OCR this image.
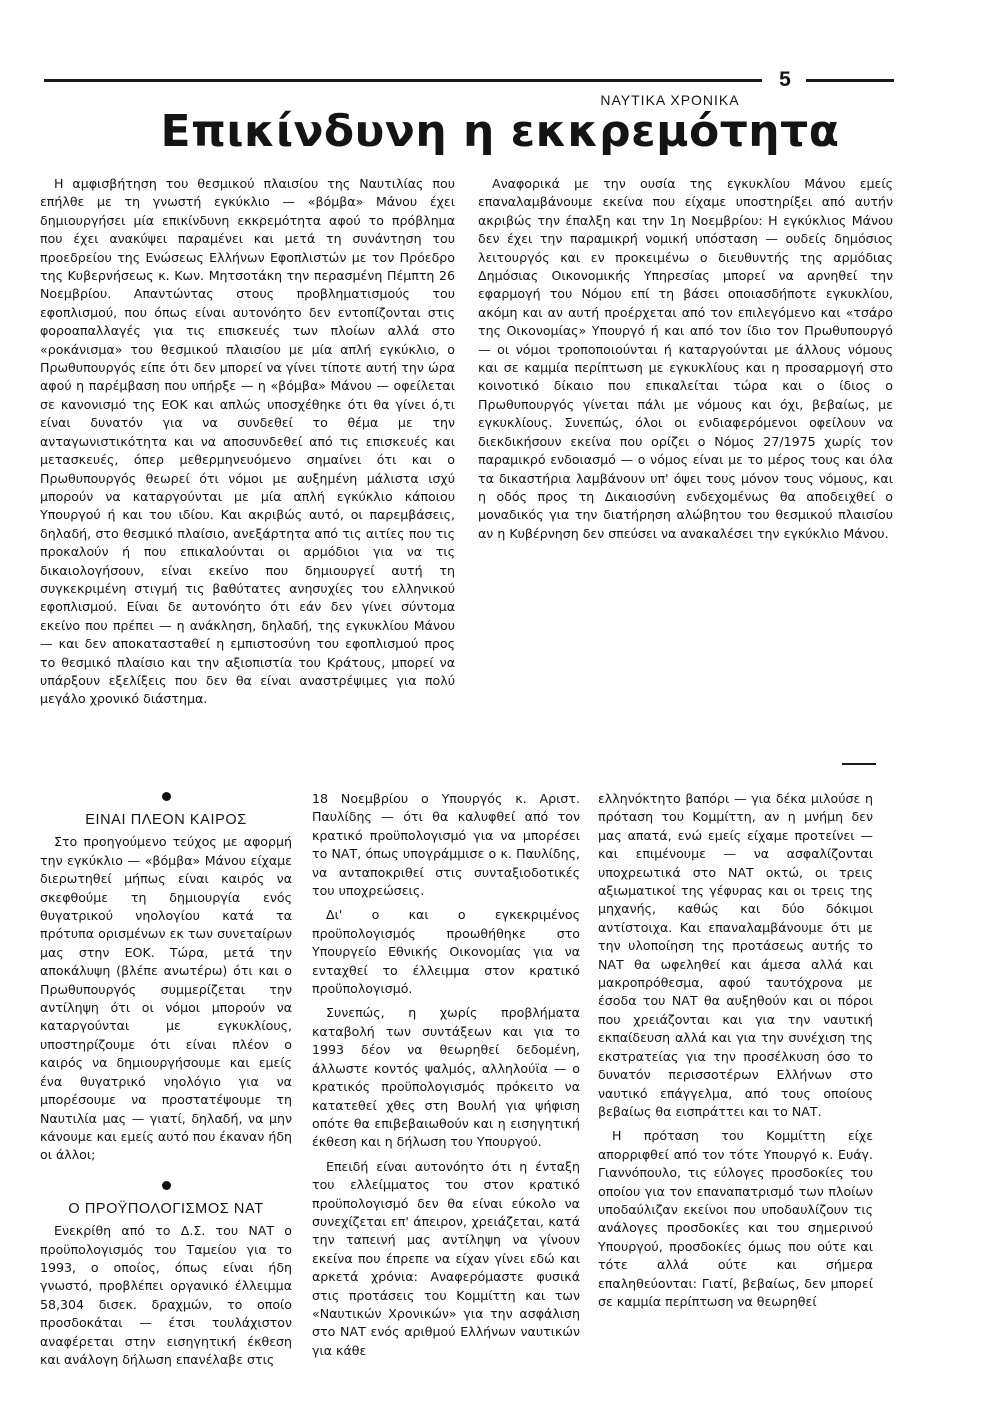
5
ΝΑΥΤΙΚΑ ΧΡΟΝΙΚΑ
Επικίνδυνη η εκκρεμότητα

Η αμφισβήτηση του θεσμικού πλαισίου της Ναυτιλίας που επήλθε με τη γνωστή εγκύκλιο — «βόμβα» Μάνου έχει δημιουργήσει μία επικίνδυνη εκκρεμότητα αφού το πρόβλημα που έχει ανακύψει παραμένει και μετά τη συνάντηση του προεδρείου της Ενώσεως Ελλήνων Εφοπλιστών με τον Πρόεδρο της Κυβερνήσεως κ. Κων. Μητσοτάκη την περασμένη Πέμπτη 26 Νοεμβρίου. Απαντώντας στους προβληματισμούς του εφοπλισμού, που όπως είναι αυτονόητο δεν εντοπίζονται στις φοροαπαλλαγές για τις επισκευές των πλοίων αλλά στο «ροκάνισμα» του θεσμικού πλαισίου με μία απλή εγκύκλιο, ο Πρωθυπουργός είπε ότι δεν μπορεί να γίνει τίποτε αυτή την ώρα αφού η παρέμβαση που υπήρξε — η «βόμβα» Μάνου — οφείλεται σε κανονισμό της ΕΟΚ και απλώς υποσχέθηκε ότι θα γίνει ό,τι είναι δυνατόν για να συνδεθεί το θέμα με την ανταγωνιστικότητα και να αποσυνδεθεί από τις επισκευές και μετασκευές, όπερ μεθερμηνευόμενο σημαίνει ότι και ο Πρωθυπουργός θεωρεί ότι νόμοι με αυξημένη μάλιστα ισχύ μπορούν να καταργούνται με μία απλή εγκύκλιο κάποιου Υπουργού ή και του ιδίου. Και ακριβώς αυτό, οι παρεμβάσεις, δηλαδή, στο θεσμικό πλαίσιο, ανεξάρτητα από τις αιτίες που τις προκαλούν ή που επικαλούνται οι αρμόδιοι για να τις δικαιολογήσουν, είναι εκείνο που δημιουργεί αυτή τη συγκεκριμένη στιγμή τις βαθύτατες ανησυχίες του ελληνικού εφοπλισμού. Είναι δε αυτονόητο ότι εάν δεν γίνει σύντομα εκείνο που πρέπει — η ανάκληση, δηλαδή, της εγκυκλίου Μάνου — και δεν αποκατασταθεί η εμπιστοσύνη του εφοπλισμού προς το θεσμικό πλαίσιο και την αξιοπιστία του Κράτους, μπορεί να υπάρξουν εξελίξεις που δεν θα είναι αναστρέψιμες για πολύ μεγάλο χρονικό διάστημα.

Αναφορικά με την ουσία της εγκυκλίου Μάνου εμείς επαναλαμβάνουμε εκείνα που είχαμε υποστηρίξει από αυτήν ακριβώς την έπαλξη και την 1η Νοεμβρίου: Η εγκύκλιος Μάνου δεν έχει την παραμικρή νομική υπόσταση — ουδείς δημόσιος λειτουργός και εν προκειμένω ο διευθυντής της αρμόδιας Δημόσιας Οικονομικής Υπηρεσίας μπορεί να αρνηθεί την εφαρμογή του Νόμου επί τη βάσει οποιασδήποτε εγκυκλίου, ακόμη και αν αυτή προέρχεται από τον επιλεγόμενο και «τσάρο της Οικονομίας» Υπουργό ή και από τον ίδιο τον Πρωθυπουργό — οι νόμοι τροποποιούνται ή καταργούνται με άλλους νόμους και σε καμμία περίπτωση με εγκυκλίους και η προσαρμογή στο κοινοτικό δίκαιο που επικαλείται τώρα και ο ίδιος ο Πρωθυπουργός γίνεται πάλι με νόμους και όχι, βεβαίως, με εγκυκλίους. Συνεπώς, όλοι οι ενδιαφερόμενοι οφείλουν να διεκδικήσουν εκείνα που ορίζει ο Νόμος 27/1975 χωρίς τον παραμικρό ενδοιασμό — ο νόμος είναι με το μέρος τους και όλα τα δικαστήρια λαμβάνουν υπ' όψει τους μόνον τους νόμους, και η οδός προς τη Δικαιοσύνη ενδεχομένως θα αποδειχθεί ο μοναδικός για την διατήρηση αλώβητου του θεσμικού πλαισίου αν η Κυβέρνηση δεν σπεύσει να ανακαλέσει την εγκύκλιο Μάνου.

ΕΙΝΑΙ ΠΛΕΟΝ ΚΑΙΡΟΣ

Στο προηγούμενο τεύχος με αφορμή την εγκύκλιο — «βόμβα» Μάνου είχαμε διερωτηθεί μήπως είναι καιρός να σκεφθούμε τη δημιουργία ενός θυγατρικού νηολογίου κατά τα πρότυπα ορισμένων εκ των συνεταίρων μας στην ΕΟΚ. Τώρα, μετά την αποκάλυψη (βλέπε ανωτέρω) ότι και ο Πρωθυπουργός συμμερίζεται την αντίληψη ότι οι νόμοι μπορούν να καταργούνται με εγκυκλίους, υποστηρίζουμε ότι είναι πλέον ο καιρός να δημιουργήσουμε και εμείς ένα θυγατρικό νηολόγιο για να μπορέσουμε να προστατέψουμε τη Ναυτιλία μας — γιατί, δηλαδή, να μην κάνουμε και εμείς αυτό που έκαναν ήδη οι άλλοι;

Ο ΠΡΟΫΠΟΛΟΓΙΣΜΟΣ ΝΑΤ

Ενεκρίθη από το Δ.Σ. του ΝΑΤ ο προϋπολογισμός του Ταμείου για το 1993, ο οποίος, όπως είναι ήδη γνωστό, προβλέπει οργανικό έλλειμμα 58,304 δισεκ. δραχμών, το οποίο προσδοκάται — έτσι τουλάχιστον αναφέρεται στην εισηγητική έκθεση και ανάλογη δήλωση επανέλαβε στις

18 Νοεμβρίου ο Υπουργός κ. Αριστ. Παυλίδης — ότι θα καλυφθεί από τον κρατικό προϋπολογισμό για να μπορέσει το ΝΑΤ, όπως υπογράμμισε ο κ. Παυλίδης, να ανταποκριθεί στις συνταξιοδοτικές του υποχρεώσεις.

Δι' ο και ο εγκεκριμένος προϋπολογισμός προωθήθηκε στο Υπουργείο Εθνικής Οικονομίας για να ενταχθεί το έλλειμμα στον κρατικό προϋπολογισμό.

Συνεπώς, η χωρίς προβλήματα καταβολή των συντάξεων και για το 1993 δέον να θεωρηθεί δεδομένη, άλλωστε κοντός ψαλμός, αλληλούϊα — ο κρατικός προϋπολογισμός πρόκειτο να κατατεθεί χθες στη Βουλή για ψήφιση οπότε θα επιβεβαιωθούν και η εισηγητική έκθεση και η δήλωση του Υπουργού.

Επειδή είναι αυτονόητο ότι η ένταξη του ελλείμματος του στον κρατικό προϋπολογισμό δεν θα είναι εύκολο να συνεχίζεται επ' άπειρον, χρειάζεται, κατά την ταπεινή μας αντίληψη να γίνουν εκείνα που έπρεπε να είχαν γίνει εδώ και αρκετά χρόνια: Αναφερόμαστε φυσικά στις προτάσεις του Κομμίττη και των «Ναυτικών Χρονικών» για την ασφάλιση στο ΝΑΤ ενός αριθμού Ελλήνων ναυτικών για κάθε

ελληνόκτητο βαπόρι — για δέκα μιλούσε η πρόταση του Κομμίττη, αν η μνήμη δεν μας απατά, ενώ εμείς είχαμε προτείνει — και επιμένουμε — να ασφαλίζονται υποχρεωτικά στο ΝΑΤ οκτώ, οι τρεις αξιωματικοί της γέφυρας και οι τρεις της μηχανής, καθώς και δύο δόκιμοι αντίστοιχα. Και επαναλαμβάνουμε ότι με την υλοποίηση της προτάσεως αυτής το ΝΑΤ θα ωφεληθεί και άμεσα αλλά και μακροπρόθεσμα, αφού ταυτόχρονα με έσοδα του ΝΑΤ θα αυξηθούν και οι πόροι που χρειάζονται και για την ναυτική εκπαίδευση αλλά και για την συνέχιση της εκστρατείας για την προσέλκυση όσο το δυνατόν περισσοτέρων Ελλήνων στο ναυτικό επάγγελμα, από τους οποίους βεβαίως θα εισπράττει και το ΝΑΤ.

Η πρόταση του Κομμίττη είχε απορριφθεί από τον τότε Υπουργό κ. Ευάγ. Γιαννόπουλο, τις εύλογες προσδοκίες του οποίου για τον επαναπατρισμό των πλοίων υποδαύλιζαν εκείνοι που υποδαυλίζουν τις ανάλογες προσδοκίες και του σημερινού Υπουργού, προσδοκίες όμως που ούτε και τότε αλλά ούτε και σήμερα επαληθεύονται: Γιατί, βεβαίως, δεν μπορεί σε καμμία περίπτωση να θεωρηθεί
